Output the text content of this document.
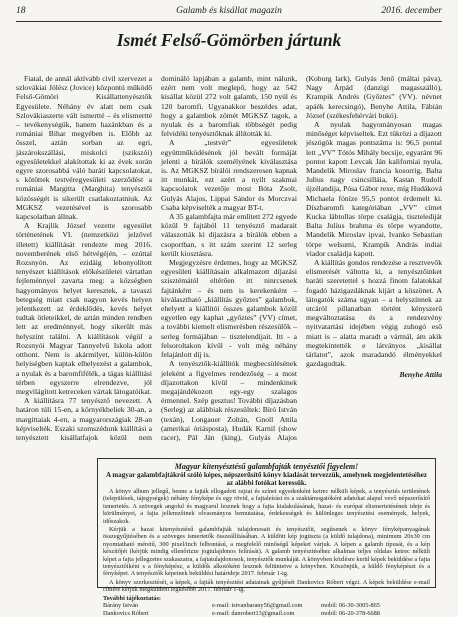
18	Galamb és kisállat magazin	2016. december
Ismét Felső-Gömörben jártunk

Fiatal, de annál aktívabb civil szervezet a szlovákiai Jólész (Jovice) központú működő Felső-Gömöri Kisállattenyésztők Egyesülete. Néhány év alatt nem csak Szlovákiaszerte vált ismertté – és elismertté – tevékenységük, hanem hazánkban és a romániai Bihar megyében is. Előbb az ősszel, aztán sorban az egri, jászárokszállási, miskolci (szikszói) egyesületekkel alakítottak ki az évek során egyre szorosabbá váló baráti kapcsolatokat, s kötöttek testvéregyesületi szerződést a romániai Margitta (Marghita) tenyésztői közösségét is sikerült csatlakoztatniuk. Az MGKSZ vezetésével is szorosabb kapcsolatban állnak.

A Krajlik József vezette egyesület történetének VI. (nemzetközi jelzővel illetett) kiállítását rendezte meg 2016. novemberének első hétvégéjén, – ezúttal Rozsnyón. Az ezidáig lebonyolított tenyészet kiállítások előkészületei vártatlan fejleménnyel zavarta meg: a községben hagyományos helyet keresztek, a tavaszi betegség miatt csak nagyon kevés helyen jelentkezett az érdeklődés, kevés helyet tudtak ötleteikkel, de aztán minden rendben lett az eredménnyel, hogy sikerült más helyszínt találni. A kiállítások végül a Rozsnyói Magyar Tannyelvű Iskola adott otthont. Nem is akármilyet, külön-külön helyiségben kaptak elhelyezést a galambok, a nyulak és a baromfifélék, a tágas kiállítási térben egyszerre elrendezve, jól megvilágított ketreceken vártak látogatóikat.

A kiállításra 77 tenyésztő nevezett. A határon túli 15-en, a környékbeliek 30-an, a margittaiak 4-en, a magyarországiak 28-an képviselték. Eszaki szomszédunk kiállítási a tenyésztett kisállatfajok közül nem domináló lapjában a galamb, mint nálunk, ezért nem volt meglepő, hogy az 542 kisállat közül 272 volt galamb, 150 nyúl és 120 baromfi. Ugyanakkor beszédes adat, hogy a galambok zömét MGKSZ tagok, a nyulak és a baromfiak többségét pedig felvidéki tenyésztőknak állították ki.

A „testvér” egyesületek együttműködésének jól bevált formáját jelenti a bírálók személyének kiválasztása is. Az MGKSZ bírálói rendszeresen kapnak itt munkát, ezt azért a nyílt szakmai kapcsolatok vezetője most Bóta Zsolt, Gulyás Alajos, Lippai Sándor és Morczvai Csaba képviselték a magyar BT-t.

A 35 galambfajta már említett 272 egyede közül 9 fajtából 11 tenyésztő madarait válaszották ki díjazásra a bírálók ebben a csoportban, s itt szám szerint 12 serleg került kiosztásra.

Megjegyzésre érdemes, hogy az MGKSZ egyesületi kiállításain alkalmazott díjazási szisztémától eltérően itt ninrcsenek fajtánként – és nem is kerekenként – kiválasztható „kiállítás győztes” galambok, ehelyett a kiállítói összes galambok közül egyetlen egy kaphat „győztes” (VV) címet, a további kiemelt elismerésben részesülők – serleg formájában – tisztelendijait. Itt - a felsoroltakon kívül - volt még néhány felajánlott díj is.

A tenyésztők-kiállítók megbecsülésének jeleként a figyelmes rendezőség – a most díjazottakon kívül – mindenkinek megajándékozott egy-egy szalagos érmennel. Szép gesztus! További díjazásban (Serleg) az alábbiak részesültek: Bíró István (texán), Longauer Zoltán, Gnoll Attila (amerikai óriásposta), Hudák Karnil (show racer), Pál Ján (king), Gulyás Alajos (Koburg lark), Gulyás Jenő (máltai páva), Nagy Árpád (danzigi magasszálló), Krampik Andrés (Győztes” (VV). névnet apáék kerecsingó), Benyhe Attila, Fábián József (székesfehérvári bukó).

A nyulak hagyományosan magas minőséget képviseltek. Ezt tükrözi a díjazott jészögök magas pontszáma is: 96,5 pontal lett „VV” Tótós Mihály becsije, egyaránt 96 pontot kapott Levcak Ján kaliforniai nyula, Mandelík Miroslav francia kosorrig, Balta Julius nagy csincsilláia, Kastan Rudolf újzélandija, Pósa Gábor rexe, míg Hudáková Michaela fóníze 95,5 pontot érdemelt ki. Díszbaromfi kategóriában „VV” címet Kucka lábtollas törpe csalágja, tisztelediját Balta Julius brahma és törpe wyandotte, Mandelík Miroslav ipvai, Ivanko Sebastian törpe welsumi, Krampík András indiai viador családja kapott.

A kiállítás gondos rendezése a resztvevők elismerését váltotta ki, a tenyésztőinket baráti szeretettel s hozzá finom falatokkal fogadó házigazdáknak kijárt a köszönet. A látogatók száma ugyan – a helyszínnek az utcáról pillanatban történt kényszerű megváltoztatása és a rendezvény nyitvatartási idejében végig zuhogó eső miatt is – alatta maradt a vártnál, ám akik megtekintették e látványos „kisállat tárlatot”, azok maradandó élményekkel gazdagodtak.

Benyhe Attila

Magyar kitenyésztésű galambfajták tenyésztői figyelem!
A magyar galambfajtákról szóló képes, népszerűsítő könyv kiadását tervezzük, amelynek megjelentetéséhez az alábbi fotókat keressük.

A könyv album jellegű, benne a fajták ellogadott rajzai és színei egyedenként ketrec nélküli képek, a tenyésztés területének (települések, tájegységek) néhány fényképe és egy rövid, a fajtaleírást és a szaktámogatóként adatokat alapul vevő népszerűsítő ismertetés. A szövegek angolul és magyarul lesznek hogy a fajta kialakulásának, hazai- és európai elismertetésének ideje és körülményei, a fajta jellemzőinek olvasmányos bemutatása, érdekességek és különleges tenyésztési események, helyek, időszakok.

Kérjük a hazai kitenyésztésű galambfajták tulajdonosait és tenyésztőit, segítsenek a könyv fényképanyagának összegyűjtésében és a szöveges ismertetők összeállításában. A küldött kép jogtiszta (a küldő tulajdona), minimum 20x30 cm nyomtatható méretű, 300 pixel/inch felbontású, a megfelelő minőségű képeket várjuk. A képen a galamb típusát, és a kép készítőjét (kérjük mindig ellenőrizze jogtulajdonos felírását). A galamb tenyésztéséhez alkalmas teljes oldalas ketrec nélküli képet a fajta jellegzetes szakaszaira, a fajtatulajdonosok, tenyésztők munkáját. A könyvben közlésre kerül képek beküldése a fajta tenyésztőiként s a fényképész, a küldők alkotóként lesznek feltüntetve a könyvben. Köszönjük, a küldő fényképészt és a fényképet. A tenyésztők képeinek beküldési határideje 2017. február 1-ig.

A könyv szerkesztését, a képek, a fajták tenyésztési adatainak gyűjtését Dankovics Róbert végzi. A képek beküldése e-mail címére kérjük megküldeni legkésőbb 2017. február 1-ig.

További tájékoztatás:
Bárány István	e-mail: istvanbarany56@gmail.com	mobil: 06-30-3005-865
Dankovics Róbert	e-mail: danrobert13@gmail.com	mobil: 06-20-378-6688
